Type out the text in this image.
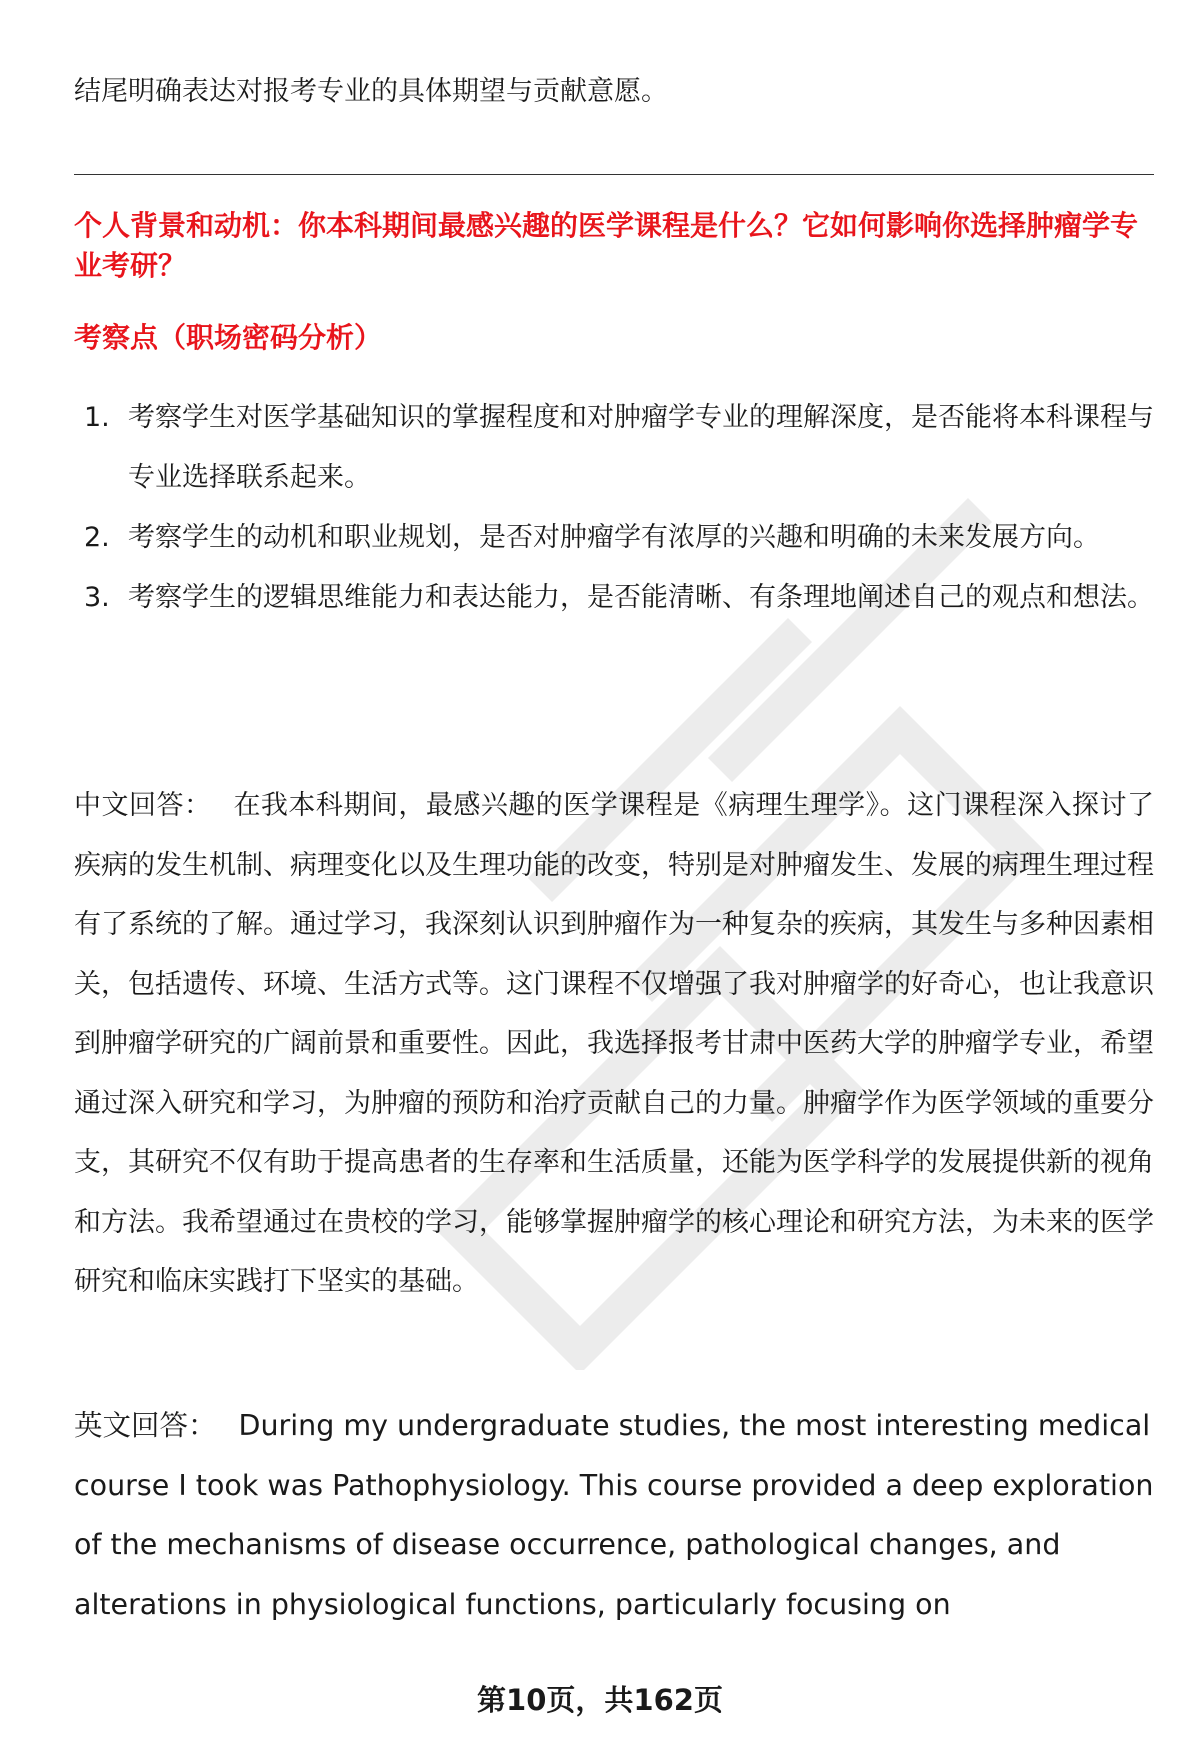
结尾明确表达对报考专业的具体期望与贡献意愿。

个人背景和动机：你本科期间最感兴趣的医学课程是什么？它如何影响你选择肿瘤学专业考研？

考察点（职场密码分析）

1. 考察学生对医学基础知识的掌握程度和对肿瘤学专业的理解深度，是否能将本科课程与专业选择联系起来。
2. 考察学生的动机和职业规划，是否对肿瘤学有浓厚的兴趣和明确的未来发展方向。
3. 考察学生的逻辑思维能力和表达能力，是否能清晰、有条理地阐述自己的观点和想法。

中文回答： 在我本科期间，最感兴趣的医学课程是《病理生理学》。这门课程深入探讨了疾病的发生机制、病理变化以及生理功能的改变，特别是对肿瘤发生、发展的病理生理过程有了系统的了解。通过学习，我深刻认识到肿瘤作为一种复杂的疾病，其发生与多种因素相关，包括遗传、环境、生活方式等。这门课程不仅增强了我对肿瘤学的好奇心，也让我意识到肿瘤学研究的广阔前景和重要性。因此，我选择报考甘肃中医药大学的肿瘤学专业，希望通过深入研究和学习，为肿瘤的预防和治疗贡献自己的力量。肿瘤学作为医学领域的重要分支，其研究不仅有助于提高患者的生存率和生活质量，还能为医学科学的发展提供新的视角和方法。我希望通过在贵校的学习，能够掌握肿瘤学的核心理论和研究方法，为未来的医学研究和临床实践打下坚实的基础。

英文回答： During my undergraduate studies, the most interesting medical course I took was Pathophysiology. This course provided a deep exploration of the mechanisms of disease occurrence, pathological changes, and alterations in physiological functions, particularly focusing on

第10页，共162页
